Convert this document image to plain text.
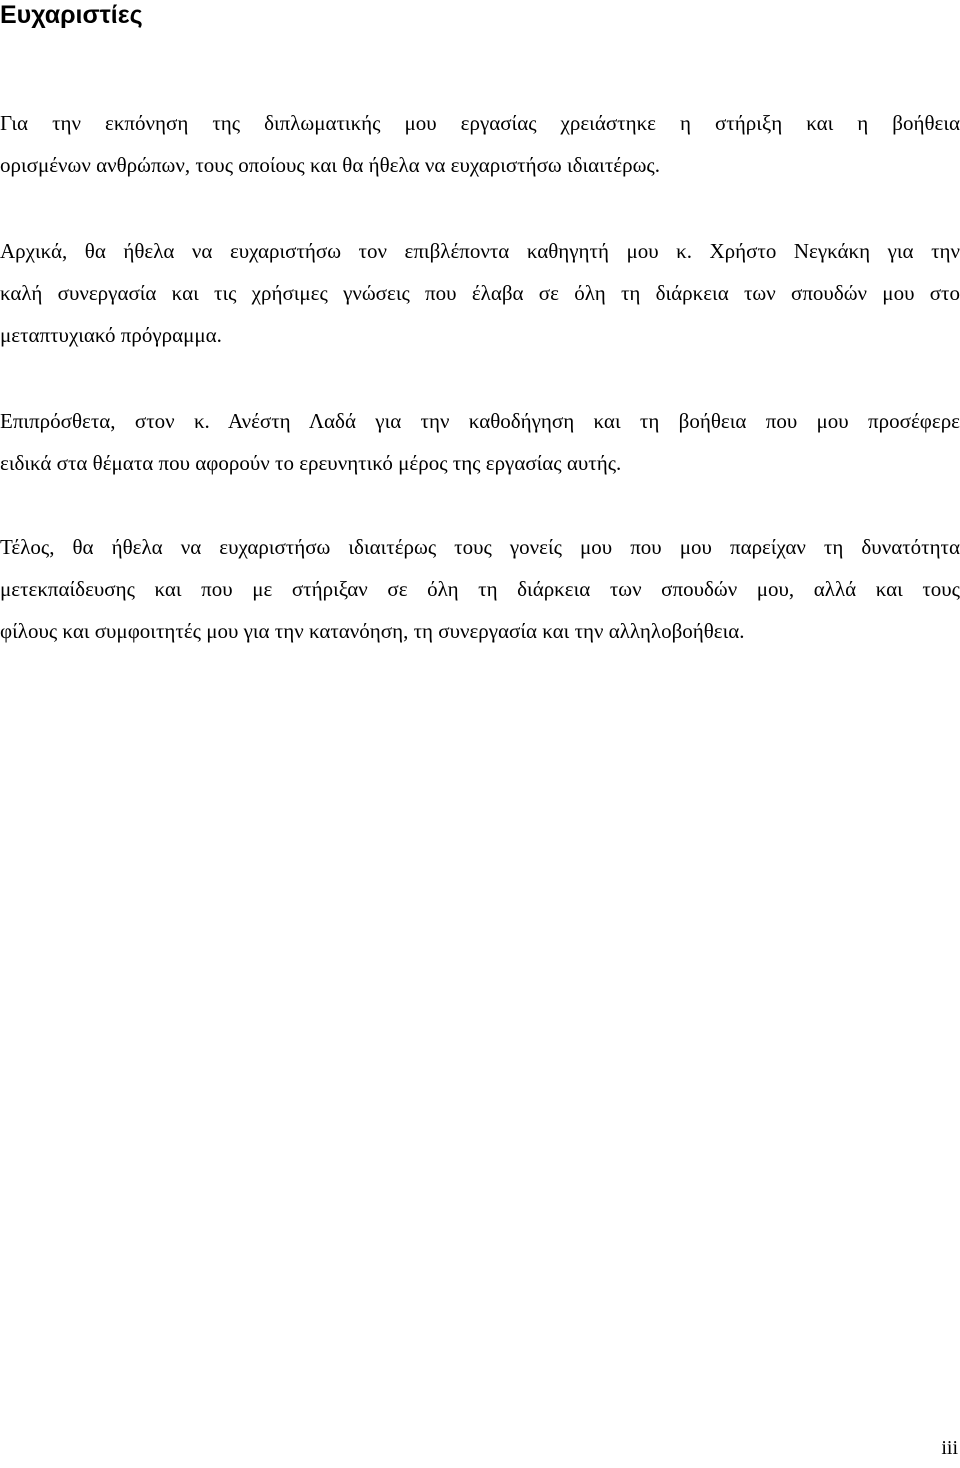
Ευχαριστίες
Για την εκπόνηση της διπλωματικής μου εργασίας χρειάστηκε η στήριξη και η βοήθεια
ορισμένων ανθρώπων, τους οποίους και θα ήθελα να ευχαριστήσω ιδιαιτέρως.
Αρχικά, θα ήθελα να ευχαριστήσω τον επιβλέποντα καθηγητή μου κ. Χρήστο Νεγκάκη για την
καλή συνεργασία και τις χρήσιμες γνώσεις που έλαβα σε όλη τη διάρκεια των σπουδών μου στο
μεταπτυχιακό πρόγραμμα.
Επιπρόσθετα, στον κ. Ανέστη Λαδά για την καθοδήγηση και τη βοήθεια που μου προσέφερε
ειδικά στα θέματα που αφορούν το ερευνητικό μέρος της εργασίας αυτής.
Τέλος, θα ήθελα να ευχαριστήσω ιδιαιτέρως τους γονείς μου που μου παρείχαν τη δυνατότητα
μετεκπαίδευσης και που με στήριξαν σε όλη τη διάρκεια των σπουδών μου, αλλά και τους
φίλους και συμφοιτητές μου για την κατανόηση, τη συνεργασία και την αλληλοβοήθεια.
iii
